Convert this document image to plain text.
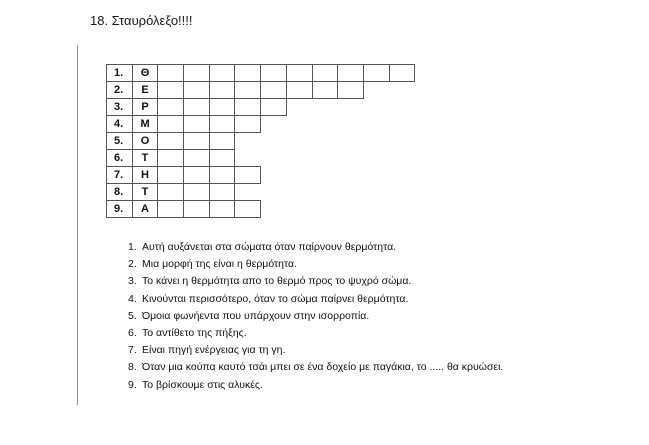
18. Σταυρόλεξο!!!!
1.	Θ
2.	Ε
3.	Ρ
4.	Μ
5.	Ο
6.	Τ
7.	Η
8.	Τ
9.	Α
1. Αυτή αυξάνεται στα σώματα όταν παίρνουν θερμότητα.
2. Μια μορφή της είναι η θερμότητα.
3. Το κάνει η θερμότητα απο το θερμό προς το ψυχρό σώμα.
4. Κινούνται περισσότερο, όταν το σώμα παίρνει θερμότητα.
5. Όμοια φωνήεντα που υπάρχουν στην ισορροπία.
6. Το αντίθετο της πήξης.
7. Είναι πηγή ενέργειας για τη γη.
8. Όταν μια κούπα καυτό τσάι μπει σε ένα δοχείο με παγάκια, το ..... θα κρυώσει.
9. Το βρίσκουμε στις αλυκές.
